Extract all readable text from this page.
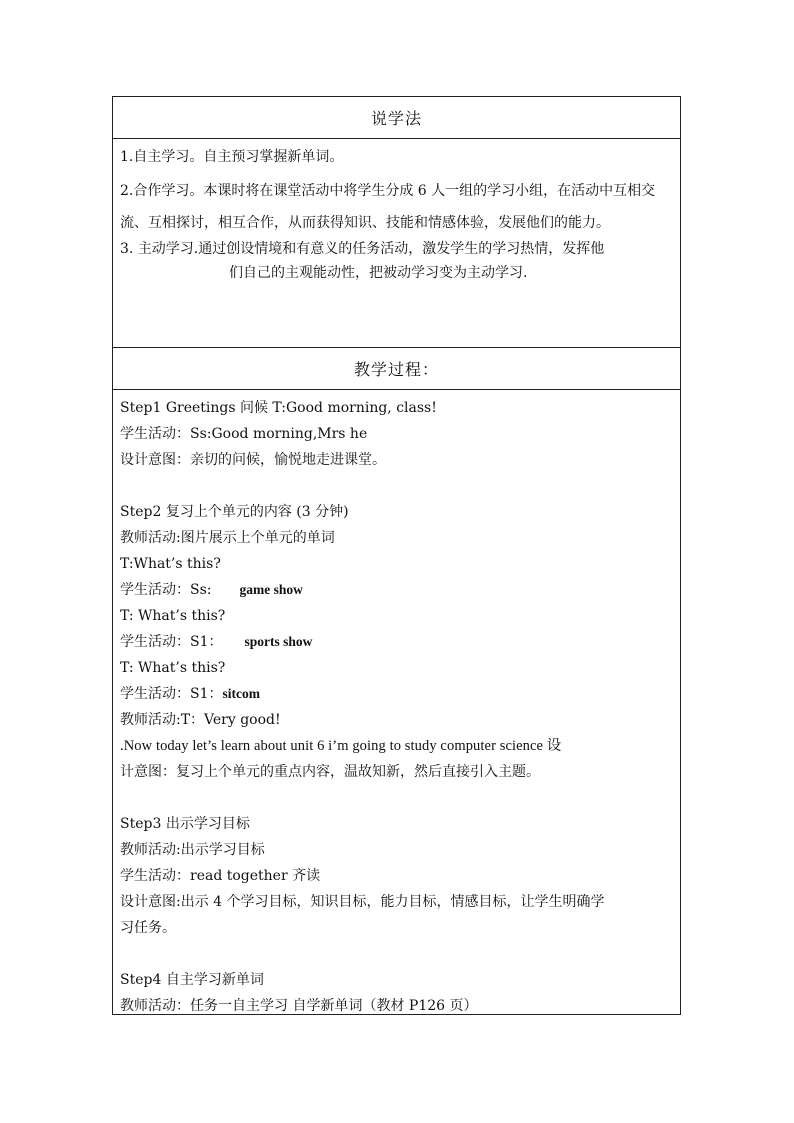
说学法

1.自主学习。自主预习掌握新单词。

2.合作学习。本课时将在课堂活动中将学生分成 6 人一组的学习小组，在活动中互相交流、互相探讨，相互合作，从而获得知识、技能和情感体验，发展他们的能力。

3. 主动学习.通过创设情境和有意义的任务活动，激发学生的学习热情，发挥他
们自己的主观能动性，把被动学习变为主动学习.

教学过程：
Step1 Greetings 问候 T:Good morning, class!
学生活动：Ss:Good morning,Mrs he
设计意图：亲切的问候，愉悦地走进课堂。
Step2 复习上个单元的内容 (3 分钟)
教师活动:图片展示上个单元的单词
T:What’s this?
学生活动：Ss: game show
T: What’s this?
学生活动：S1： sports show
T: What’s this?
学生活动：S1：sitcom
教师活动:T：Very good!
.Now today let’s learn about unit 6 i’m going to study computer science 设
计意图：复习上个单元的重点内容，温故知新，然后直接引入主题。
Step3 出示学习目标
教师活动:出示学习目标
学生活动：read together 齐读
设计意图:出示 4 个学习目标，知识目标，能力目标，情感目标，让学生明确学
习任务。
Step4 自主学习新单词
教师活动：任务一自主学习 自学新单词（教材 P126 页）
